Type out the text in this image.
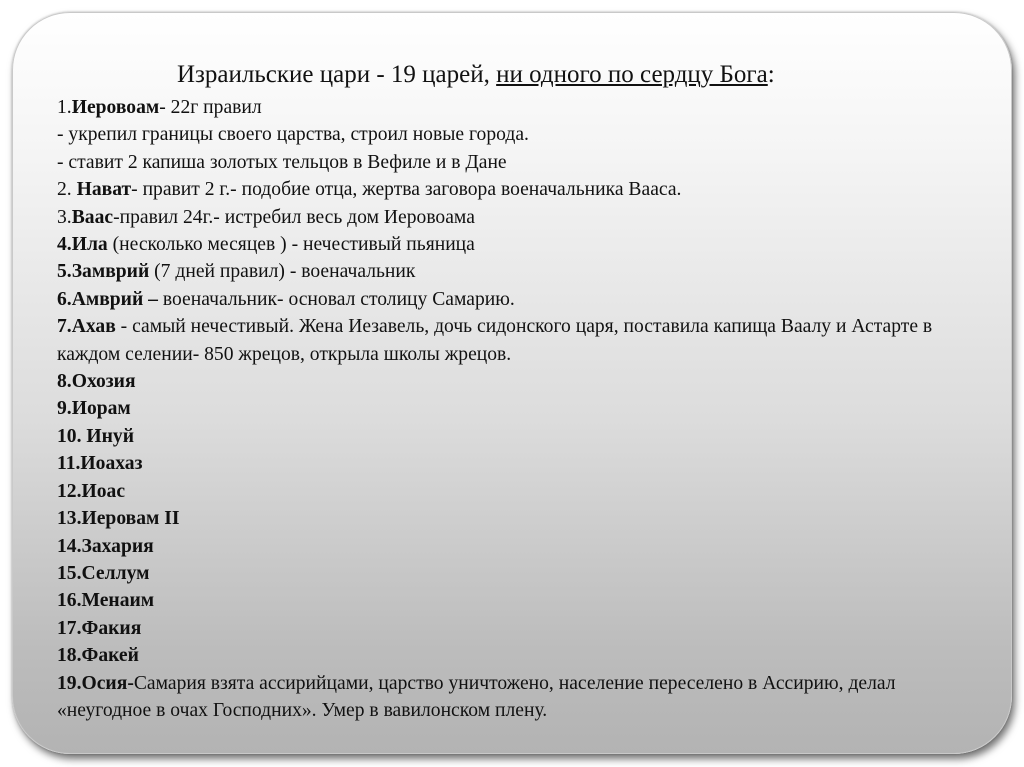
Израильские цари - 19 царей, ни одного по сердцу Бога:
1.Иеровоам- 22г правил
- укрепил границы своего царства, строил новые города.
- ставит 2 капиша золотых тельцов в Вефиле и в Дане
2. Нават- правит 2 г.- подобие отца, жертва заговора военачальника Вааса.
3.Ваас-правил 24г.- истребил весь дом Иеровоама
4.Ила (несколько месяцев ) - нечестивый пьяница
5.Замврий (7 дней правил) - военачальник
6.Амврий – военачальник- основал столицу Самарию.
7.Ахав - самый нечестивый. Жена Иезавель, дочь сидонского царя, поставила капища Ваалу и Астарте в каждом селении- 850 жрецов, открыла школы жрецов.
8.Охозия
9.Иорам
10. Инуй
11.Иоахаз
12.Иоас
13.Иеровам II
14.Захария
15.Селлум
16.Менаим
17.Факия
18.Факей
19.Осия-Самария взята ассирийцами, царство уничтожено, население переселено в Ассирию, делал «неугодное в очах Господних». Умер в вавилонском плену.
